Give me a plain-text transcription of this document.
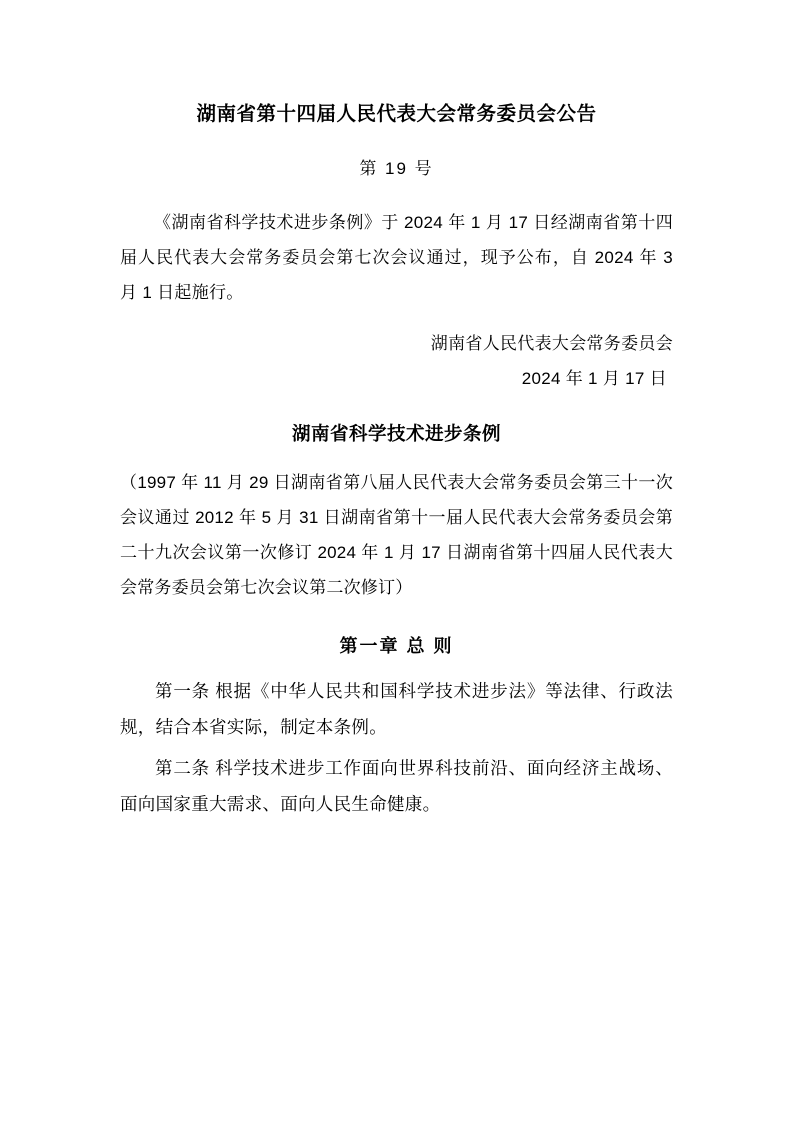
湖南省第十四届人民代表大会常务委员会公告

第 19 号

《湖南省科学技术进步条例》于 2024 年 1 月 17 日经湖南省第十四届人民代表大会常务委员会第七次会议通过，现予公布，自 2024 年 3 月 1 日起施行。

湖南省人民代表大会常务委员会

2024 年 1 月 17 日

湖南省科学技术进步条例

（1997 年 11 月 29 日湖南省第八届人民代表大会常务委员会第三十一次会议通过 2012 年 5 月 31 日湖南省第十一届人民代表大会常务委员会第二十九次会议第一次修订 2024 年 1 月 17 日湖南省第十四届人民代表大会常务委员会第七次会议第二次修订）

第一章 总 则

第一条 根据《中华人民共和国科学技术进步法》等法律、行政法规，结合本省实际，制定本条例。

第二条 科学技术进步工作面向世界科技前沿、面向经济主战场、面向国家重大需求、面向人民生命健康。
